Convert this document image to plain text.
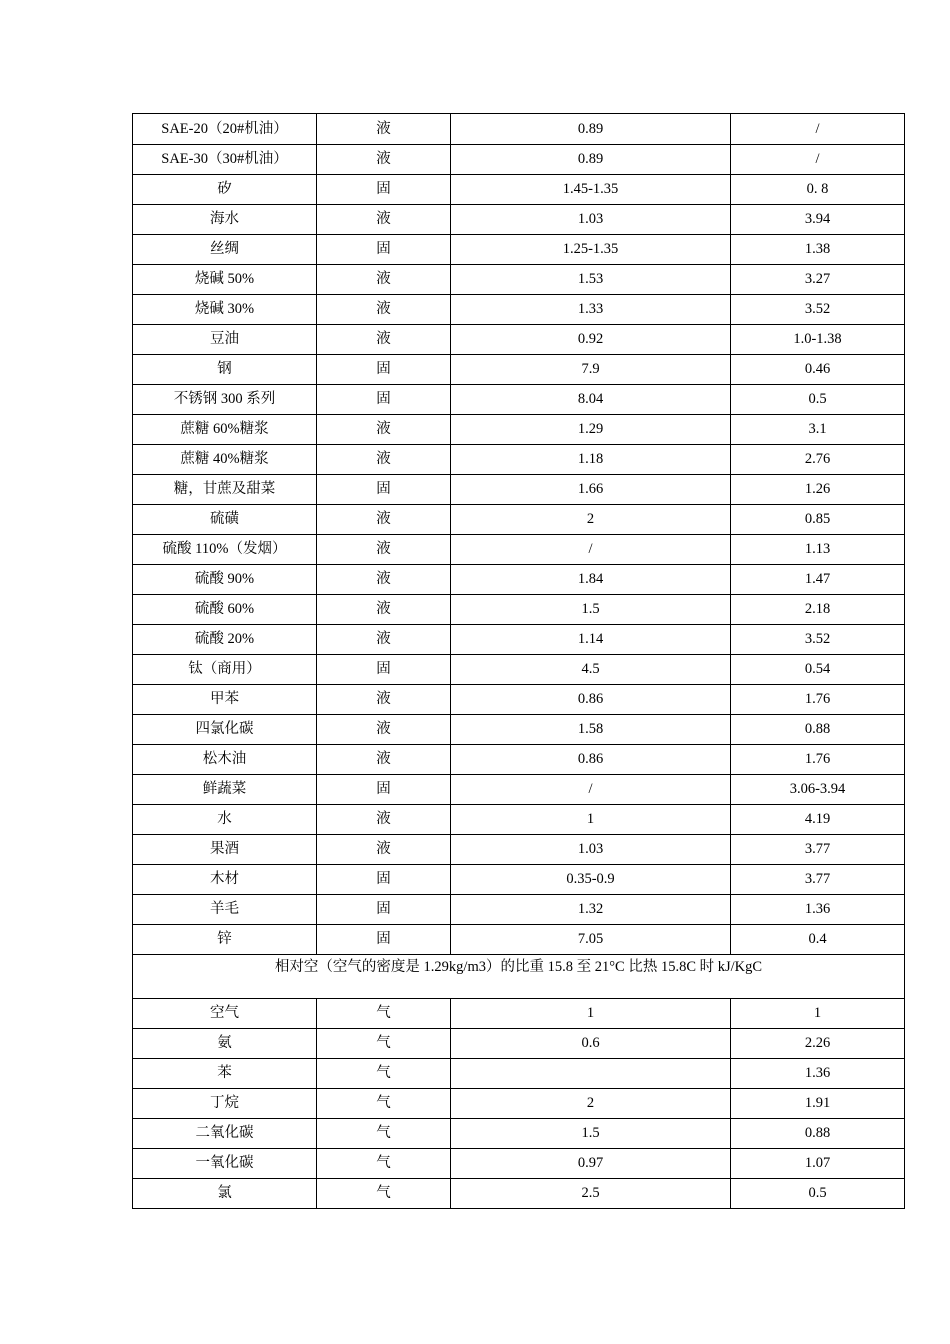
SAE-20（20#机油）	液	0.89	/
SAE-30（30#机油）	液	0.89	/
矽	固	1.45-1.35	0. 8
海水	液	1.03	3.94
丝绸	固	1.25-1.35	1.38
烧碱 50%	液	1.53	3.27
烧碱 30%	液	1.33	3.52
豆油	液	0.92	1.0-1.38
钢	固	7.9	0.46
不锈钢 300 系列	固	8.04	0.5
蔗糖 60%糖浆	液	1.29	3.1
蔗糖 40%糖浆	液	1.18	2.76
糖，甘蔗及甜菜	固	1.66	1.26
硫磺	液	2	0.85
硫酸 110%（发烟）	液	/	1.13
硫酸 90%	液	1.84	1.47
硫酸 60%	液	1.5	2.18
硫酸 20%	液	1.14	3.52
钛（商用）	固	4.5	0.54
甲苯	液	0.86	1.76
四氯化碳	液	1.58	0.88
松木油	液	0.86	1.76
鲜蔬菜	固	/	3.06-3.94
水	液	1	4.19
果酒	液	1.03	3.77
木材	固	0.35-0.9	3.77
羊毛	固	1.32	1.36
锌	固	7.05	0.4
相对空（空气的密度是 1.29kg/m3）的比重 15.8 至 21°C 比热 15.8C 时 kJ/KgC			
空气	气	1	1
氨	气	0.6	2.26
苯	气		1.36
丁烷	气	2	1.91
二氧化碳	气	1.5	0.88
一氧化碳	气	0.97	1.07
氯	气	2.5	0.5
